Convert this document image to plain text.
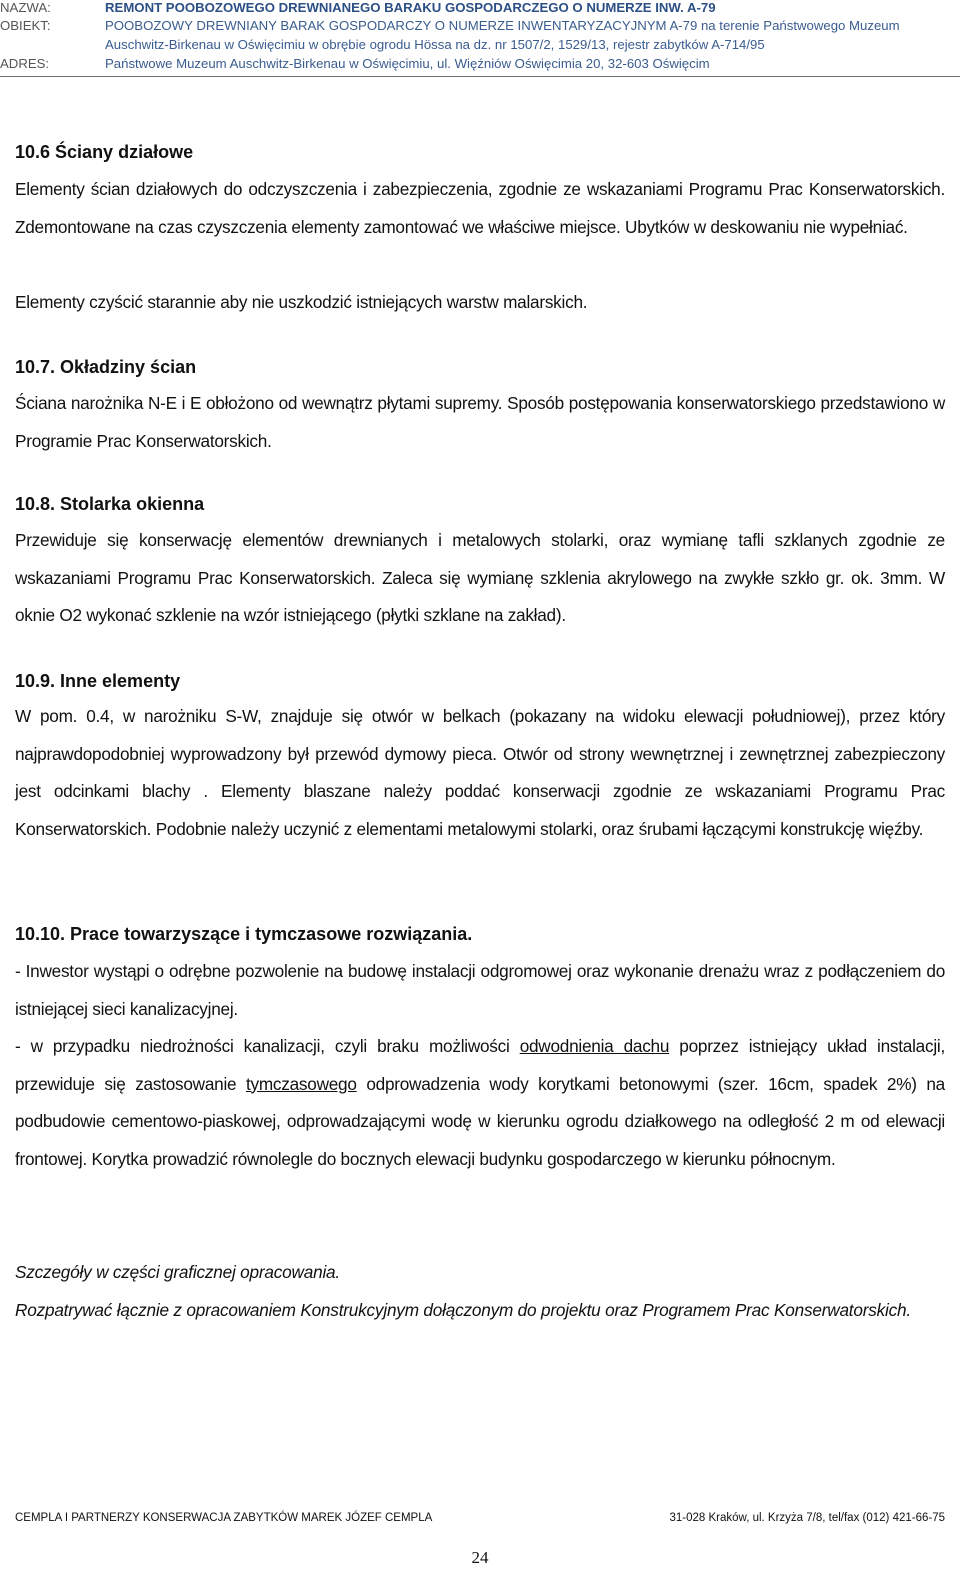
NAZWA:	REMONT POOBOZOWEGO DREWNIANEGO BARAKU GOSPODARCZEGO O NUMERZE INW. A-79
OBIEKT:	POOBOZOWY DREWNIANY BARAK GOSPODARCZY O NUMERZE INWENTARYZACYJNYM A-79 na terenie Państwowego Muzeum
Auschwitz-Birkenau w Oświęcimiu w obrębie ogrodu Hössa na dz. nr 1507/2, 1529/13, rejestr zabytków A-714/95
ADRES:	Państwowe Muzeum Auschwitz-Birkenau w Oświęcimiu, ul. Więźniów Oświęcimia 20, 32-603 Oświęcim
10.6 Ściany działowe
Elementy ścian działowych do odczyszczenia i zabezpieczenia, zgodnie ze wskazaniami Programu Prac Konserwatorskich. Zdemontowane na czas czyszczenia elementy zamontować we właściwe miejsce. Ubytków w deskowaniu nie wypełniać.
Elementy czyścić starannie aby nie uszkodzić istniejących warstw malarskich.
10.7. Okładziny ścian
Ściana narożnika N-E i E obłożono od wewnątrz płytami supremy. Sposób postępowania konserwatorskiego przedstawiono w Programie Prac Konserwatorskich.
10.8. Stolarka okienna
Przewiduje się konserwację elementów drewnianych i metalowych stolarki, oraz wymianę tafli szklanych zgodnie ze wskazaniami Programu Prac Konserwatorskich. Zaleca się wymianę szklenia akrylowego na zwykłe szkło gr. ok. 3mm. W oknie O2 wykonać szklenie na wzór istniejącego (płytki szklane na zakład).
10.9. Inne elementy
W pom. 0.4, w narożniku S-W, znajduje się otwór w belkach (pokazany na widoku elewacji południowej), przez który najprawdopodobniej wyprowadzony był przewód dymowy pieca. Otwór od strony wewnętrznej i zewnętrznej zabezpieczony jest odcinkami blachy . Elementy blaszane należy poddać konserwacji zgodnie ze wskazaniami Programu Prac Konserwatorskich. Podobnie należy uczynić z elementami metalowymi stolarki, oraz śrubami łączącymi konstrukcję więźby.
10.10. Prace towarzyszące i tymczasowe rozwiązania.
- Inwestor wystąpi o odrębne pozwolenie na budowę instalacji odgromowej oraz wykonanie drenażu wraz z podłączeniem do istniejącej sieci kanalizacyjnej.
- w przypadku niedrożności kanalizacji, czyli braku możliwości odwodnienia dachu poprzez istniejący układ instalacji, przewiduje się zastosowanie tymczasowego odprowadzenia wody korytkami betonowymi (szer. 16cm, spadek 2%) na podbudowie cementowo-piaskowej, odprowadzającymi wodę w kierunku ogrodu działkowego na odległość 2 m od elewacji frontowej. Korytka prowadzić równolegle do bocznych elewacji budynku gospodarczego w kierunku północnym.
Szczegóły w części graficznej opracowania.
Rozpatrywać łącznie z opracowaniem Konstrukcyjnym dołączonym do projektu oraz Programem Prac Konserwatorskich.
CEMPLA I PARTNERZY KONSERWACJA ZABYTKÓW MAREK JÓZEF CEMPLA	31-028 Kraków, ul. Krzyża 7/8, tel/fax (012) 421-66-75
24
